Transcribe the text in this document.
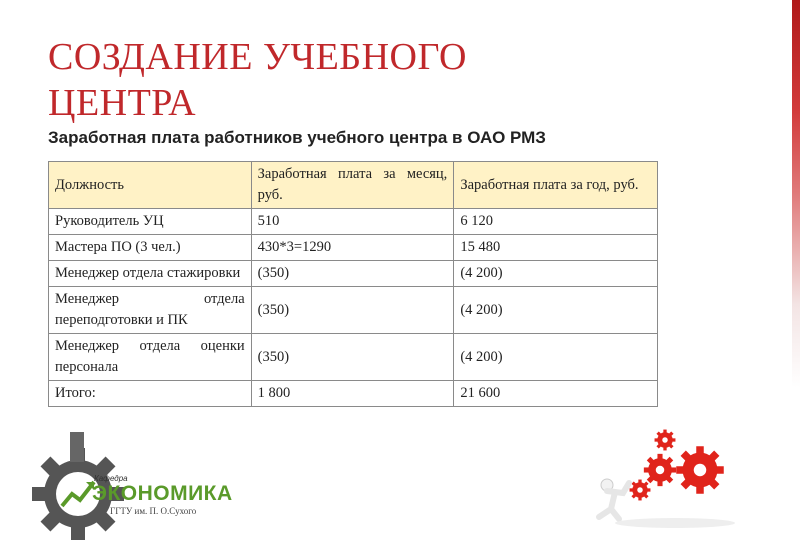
СОЗДАНИЕ УЧЕБНОГО ЦЕНТРА

Заработная плата работников учебного центра в ОАО РМЗ

Должность	Заработная плата за месяц, руб.	Заработная плата за год, руб.
Руководитель УЦ	510	6 120
Мастера ПО (3 чел.)	430*3=1290	15 480
Менеджер отдела стажировки	(350)	(4 200)
Менеджер отдела переподготовки и ПК	(350)	(4 200)
Менеджер отдела оценки персонала	(350)	(4 200)
Итого:	1 800	21 600
Кафедра
ЭКОНОМИКА
ГГТУ им. П. О.Сухого
